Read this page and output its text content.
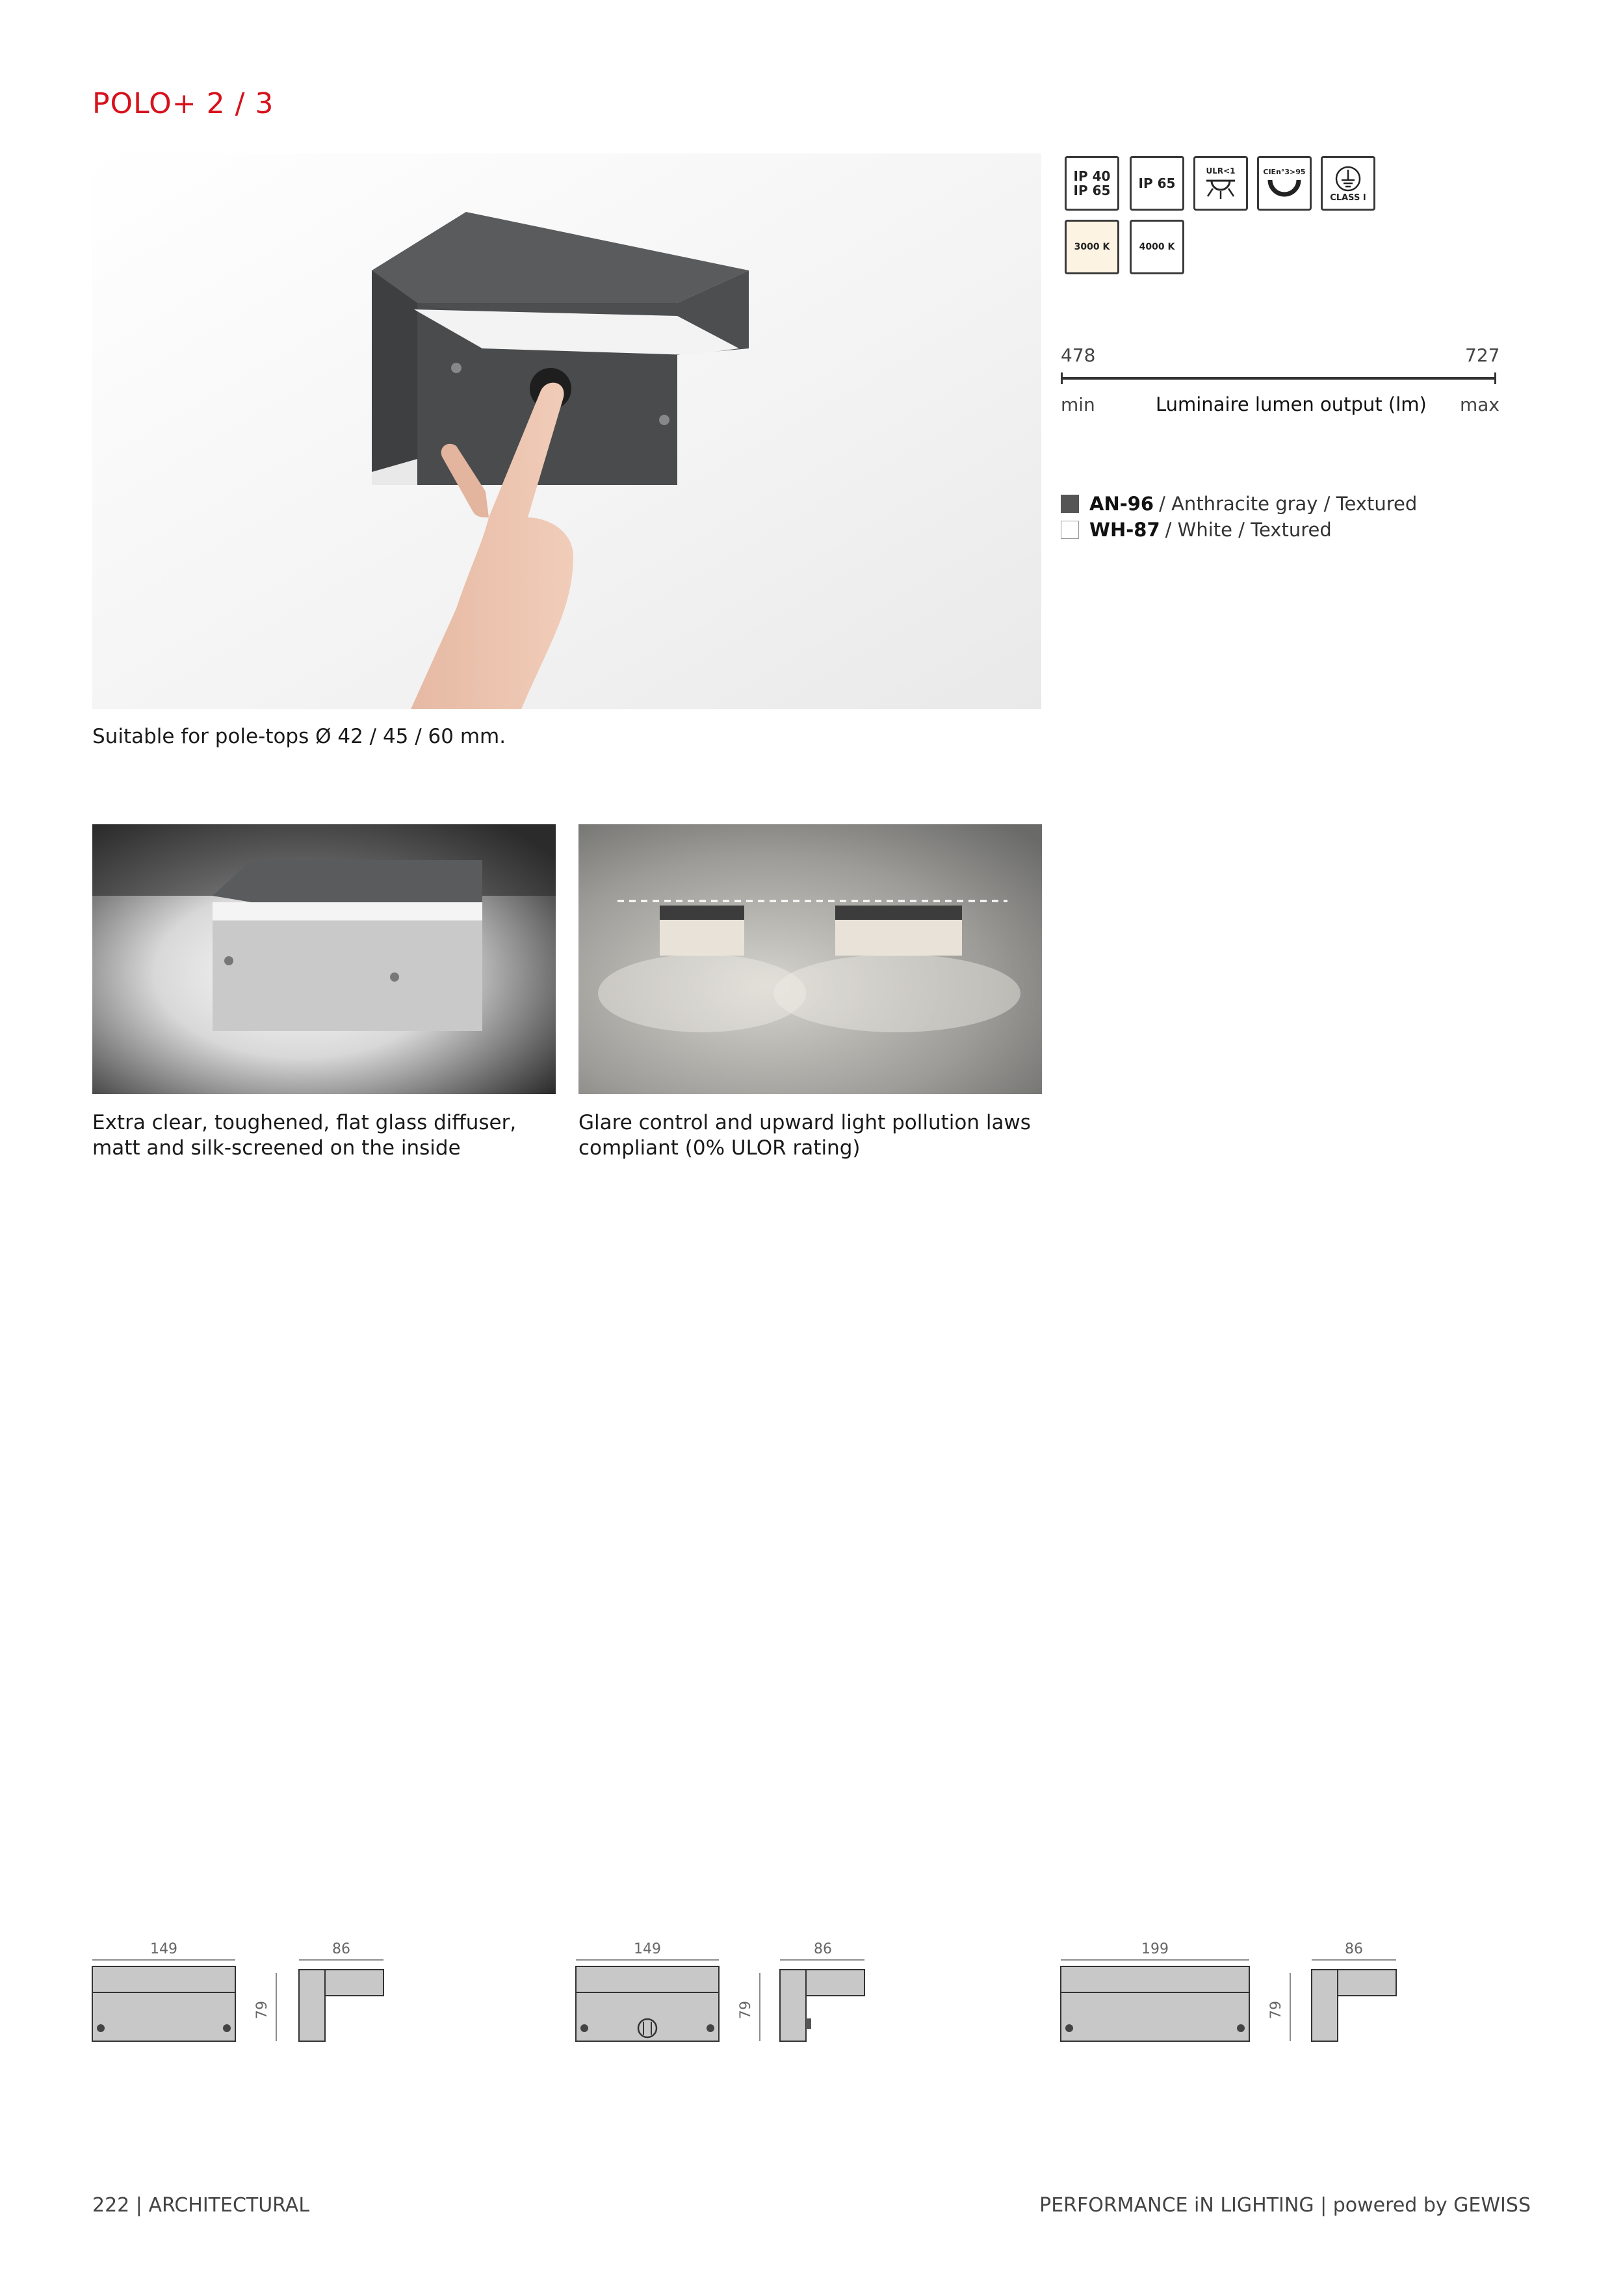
POLO+ 2 / 3
Suitable for pole-tops Ø 42 / 45 / 60 mm.
Extra clear, toughened, flat glass diffuser, matt and silk-screened on the inside
Glare control and upward light pollution laws compliant (0% ULOR rating)
IP 40
IP 65 IP 65
ULR<1	CIEn°3>95
CLASS I
3000 K	4000 K
478	727
min	Luminaire lumen output (lm) max
AN-96 / Anthracite gray / Textured
WH-87 / White / Textured
149
79
86	149
79
86	199
79
86
222 | ARCHITECTURAL	PERFORMANCE iN LIGHTING | powered by GEWISS
